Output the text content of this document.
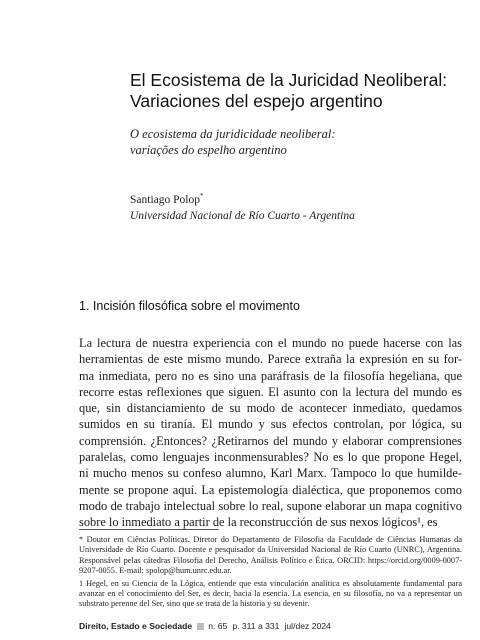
El Ecosistema de la Juricidad Neoliberal:
Variaciones del espejo argentino
O ecosistema da juridicidade neoliberal:
variações do espelho argentino
Santiago Polop*
Universidad Nacional de Río Cuarto - Argentina
1. Incisión filosófica sobre el movimento
La lectura de nuestra experiencia con el mundo no puede hacerse con las
herramientas de este mismo mundo. Parece extraña la expresión en su for-
ma inmediata, pero no es sino una paráfrasis de la filosofía hegeliana, que
recorre estas reflexiones que siguen. El asunto con la lectura del mundo es
que, sin distanciamiento de su modo de acontecer inmediato, quedamos
sumidos en su tiranía. El mundo y sus efectos controlan, por lógica, su
comprensión. ¿Entonces? ¿Retirarnos del mundo y elaborar comprensiones
paralelas, como lenguajes inconmensurables? No es lo que propone Hegel,
ni mucho menos su confeso alumno, Karl Marx. Tampoco lo que humilde-
mente se propone aquí. La epistemología dialéctica, que proponemos como
modo de trabajo intelectual sobre lo real, supone elaborar un mapa cognitivo
sobre lo inmediato a partir de la reconstrucción de sus nexos lógicos¹, es

* Doutor em Ciências Políticas. Diretor do Departamento de Filosofia da Faculdade de Ciências Humanas da Universidade de Río Cuarto. Docente e pesquisador da Universidad Nacional de Río Cuarto (UNRC), Argentina. Responsável pelas cátedras Filosofia del Derecho, Análisis Político e Ética. ORCID: https://orcid.org/0009-0007-9207-0055. E-mail: spolop@hum.unrc.edu.ar.

1 Hegel, en su Ciencia de la Lógica, entiende que esta vinculación analítica es absolutamente fundamental para avanzar en el conocimiento del Ser, es decir, hacia la esencia. La esencia, en su filosofía, no va a representar un substrato perenne del Ser, sino que se trata de la historia y su devenir.

Direito, Estado e Sociedade n. 65 p. 311 a 331 jul/dez 2024
